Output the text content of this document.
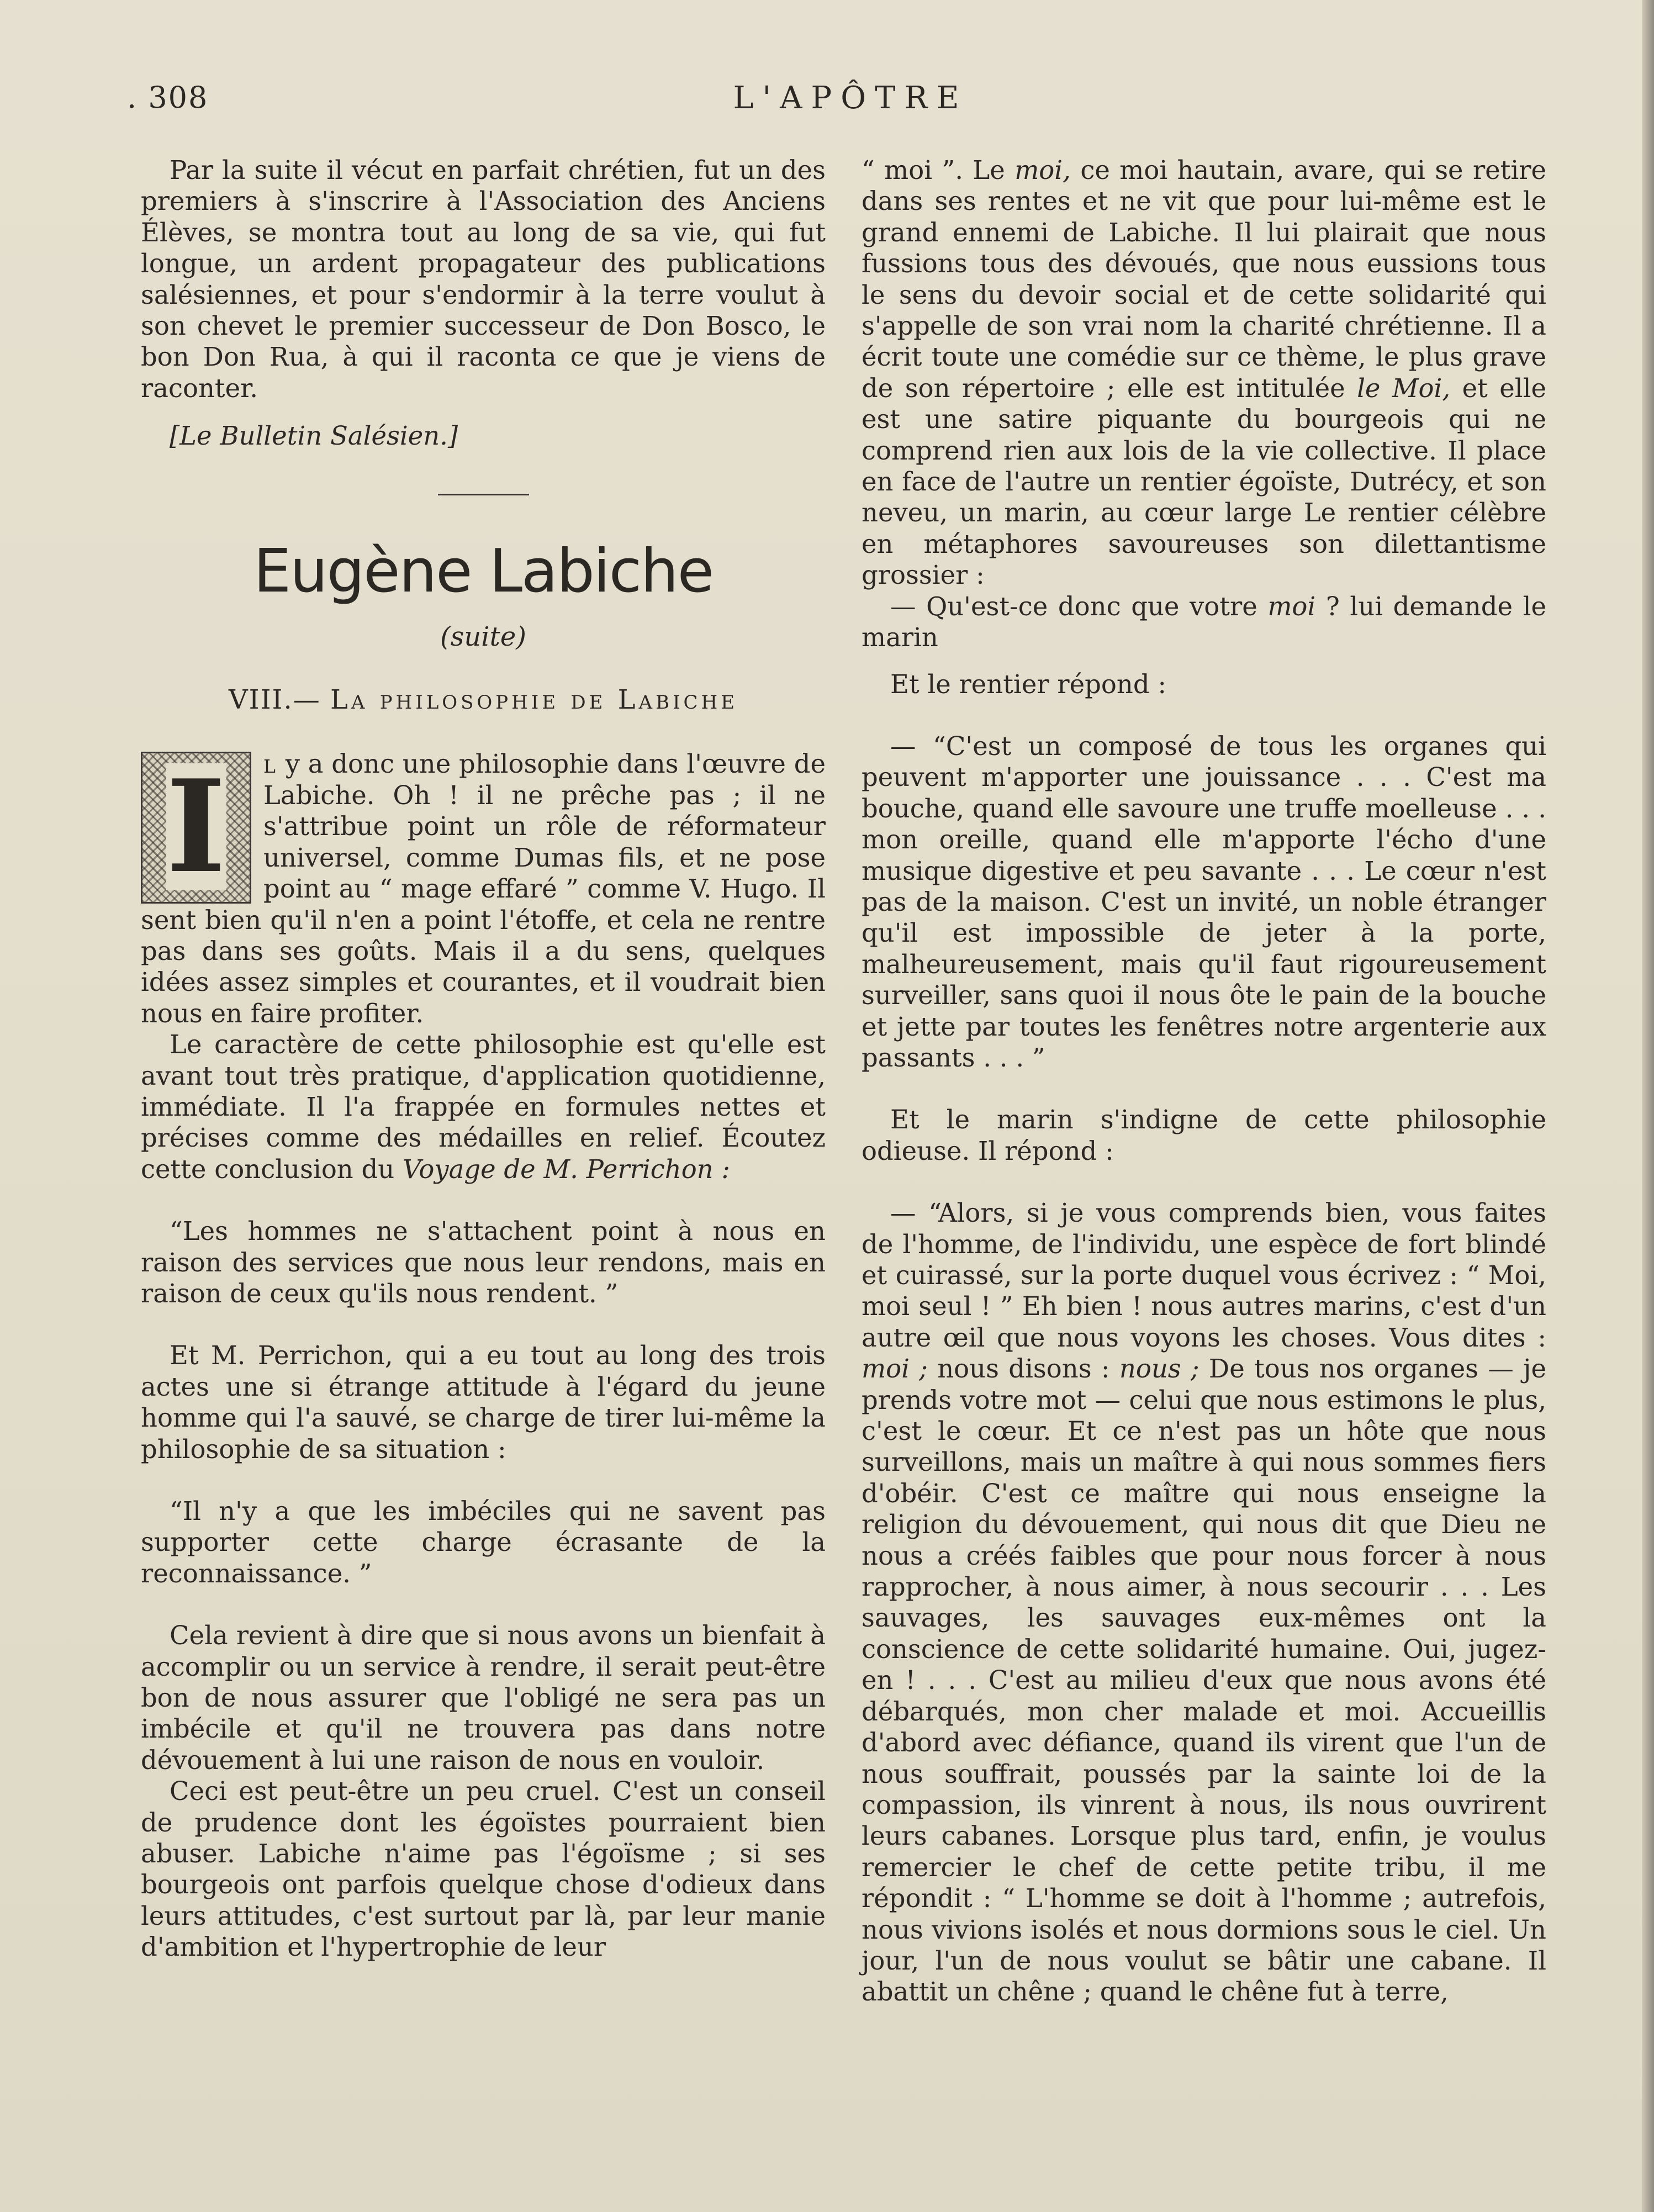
. 308	L'APÔTRE

Par la suite il vécut en parfait chrétien, fut un des premiers à s'inscrire à l'Association des Anciens Élèves, se montra tout au long de sa vie, qui fut longue, un ardent propagateur des publications salésiennes, et pour s'endormir à la terre voulut à son chevet le premier successeur de Don Bosco, le bon Don Rua, à qui il raconta ce que je viens de raconter.

[Le Bulletin Salésien.]
Eugène Labiche
(suite)
VIII.— La philosophie de Labiche

I l y a donc une philosophie dans l'œuvre de Labiche. Oh ! il ne prêche pas ; il ne s'attribue point un rôle de réformateur universel, comme Dumas fils, et ne pose point au “ mage effaré ” comme V. Hugo. Il sent bien qu'il n'en a point l'étoffe, et cela ne rentre pas dans ses goûts. Mais il a du sens, quelques idées assez simples et courantes, et il voudrait bien nous en faire profiter.

Le caractère de cette philosophie est qu'elle est avant tout très pratique, d'application quotidienne, immédiate. Il l'a frappée en formules nettes et précises comme des médailles en relief. Écoutez cette conclusion du Voyage de M. Perrichon :

“Les hommes ne s'attachent point à nous en raison des services que nous leur rendons, mais en raison de ceux qu'ils nous rendent. ”

Et M. Perrichon, qui a eu tout au long des trois actes une si étrange attitude à l'égard du jeune homme qui l'a sauvé, se charge de tirer lui-même la philosophie de sa situation :

“Il n'y a que les imbéciles qui ne savent pas supporter cette charge écrasante de la reconnaissance. ”

Cela revient à dire que si nous avons un bienfait à accomplir ou un service à rendre, il serait peut-être bon de nous assurer que l'obligé ne sera pas un imbécile et qu'il ne trouvera pas dans notre dévouement à lui une raison de nous en vouloir.

Ceci est peut-être un peu cruel. C'est un conseil de prudence dont les égoïstes pourraient bien abuser. Labiche n'aime pas l'égoïsme ; si ses bourgeois ont parfois quelque chose d'odieux dans leurs attitudes, c'est surtout par là, par leur manie d'ambition et l'hypertrophie de leur

“ moi ”. Le moi, ce moi hautain, avare, qui se retire dans ses rentes et ne vit que pour lui-même est le grand ennemi de Labiche. Il lui plairait que nous fussions tous des dévoués, que nous eussions tous le sens du devoir social et de cette solidarité qui s'appelle de son vrai nom la charité chrétienne. Il a écrit toute une comédie sur ce thème, le plus grave de son répertoire ; elle est intitulée le Moi, et elle est une satire piquante du bourgeois qui ne comprend rien aux lois de la vie collective. Il place en face de l'autre un rentier égoïste, Dutrécy, et son neveu, un marin, au cœur large Le rentier célèbre en métaphores savoureuses son dilettantisme grossier :

— Qu'est-ce donc que votre moi ? lui demande le marin

Et le rentier répond :

— “C'est un composé de tous les organes qui peuvent m'apporter une jouissance . . . C'est ma bouche, quand elle savoure une truffe moelleuse . . . mon oreille, quand elle m'apporte l'écho d'une musique digestive et peu savante . . . Le cœur n'est pas de la maison. C'est un invité, un noble étranger qu'il est impossible de jeter à la porte, malheureusement, mais qu'il faut rigoureusement surveiller, sans quoi il nous ôte le pain de la bouche et jette par toutes les fenêtres notre argenterie aux passants . . . ”

Et le marin s'indigne de cette philosophie odieuse. Il répond :

— “Alors, si je vous comprends bien, vous faites de l'homme, de l'individu, une espèce de fort blindé et cuirassé, sur la porte duquel vous écrivez : “ Moi, moi seul ! ” Eh bien ! nous autres marins, c'est d'un autre œil que nous voyons les choses. Vous dites : moi ; nous disons : nous ; De tous nos organes — je prends votre mot — celui que nous estimons le plus, c'est le cœur. Et ce n'est pas un hôte que nous surveillons, mais un maître à qui nous sommes fiers d'obéir. C'est ce maître qui nous enseigne la religion du dévouement, qui nous dit que Dieu ne nous a créés faibles que pour nous forcer à nous rapprocher, à nous aimer, à nous secourir . . . Les sauvages, les sauvages eux-mêmes ont la conscience de cette solidarité humaine. Oui, jugez-en ! . . . C'est au milieu d'eux que nous avons été débarqués, mon cher malade et moi. Accueillis d'abord avec défiance, quand ils virent que l'un de nous souffrait, poussés par la sainte loi de la compassion, ils vinrent à nous, ils nous ouvrirent leurs cabanes. Lorsque plus tard, enfin, je voulus remercier le chef de cette petite tribu, il me répondit : “ L'homme se doit à l'homme ; autrefois, nous vivions isolés et nous dormions sous le ciel. Un jour, l'un de nous voulut se bâtir une cabane. Il abattit un chêne ; quand le chêne fut à terre,
